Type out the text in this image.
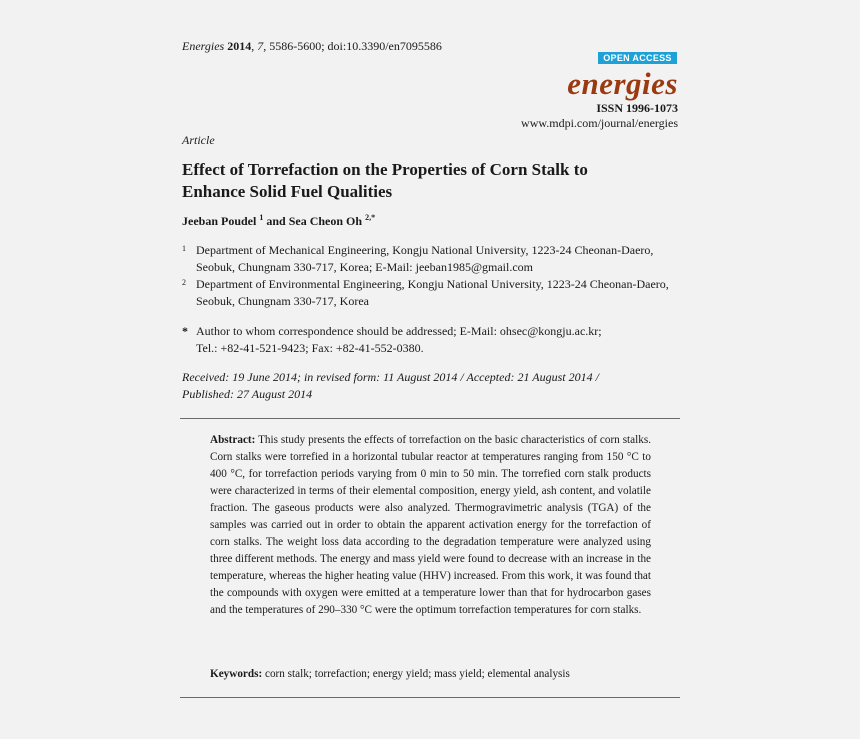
Energies 2014, 7, 5586-5600; doi:10.3390/en7095586
OPEN ACCESS
energies
ISSN 1996-1073
www.mdpi.com/journal/energies
Article
Effect of Torrefaction on the Properties of Corn Stalk to
Enhance Solid Fuel Qualities
Jeeban Poudel $^1$ and Sea Cheon Oh $^{2,*}$
1 Department of Mechanical Engineering, Kongju National University, 1223-24 Cheonan-Daero,
Seobuk, Chungnam 330-717, Korea; E-Mail: jeeban1985@gmail.com
2 Department of Environmental Engineering, Kongju National University, 1223-24 Cheonan-Daero,
Seobuk, Chungnam 330-717, Korea
* Author to whom correspondence should be addressed; E-Mail: ohsec@kongju.ac.kr;
Tel.: +82-41-521-9423; Fax: +82-41-552-0380.
Received: 19 June 2014; in revised form: 11 August 2014 / Accepted: 21 August 2014 /
Published: 27 August 2014
Abstract: This study presents the effects of torrefaction on the basic characteristics of corn stalks. Corn stalks were torrefied in a horizontal tubular reactor at temperatures ranging from 150 °C to 400 °C, for torrefaction periods varying from 0 min to 50 min. The torrefied corn stalk products were characterized in terms of their elemental composition, energy yield, ash content, and volatile fraction. The gaseous products were also analyzed. Thermogravimetric analysis (TGA) of the samples was carried out in order to obtain the apparent activation energy for the torrefaction of corn stalks. The weight loss data according to the degradation temperature were analyzed using three different methods. The energy and mass yield were found to decrease with an increase in the temperature, whereas the higher heating value (HHV) increased. From this work, it was found that the compounds with oxygen were emitted at a temperature lower than that for hydrocarbon gases and the temperatures of 290–330 °C were the optimum torrefaction temperatures for corn stalks.
Keywords: corn stalk; torrefaction; energy yield; mass yield; elemental analysis
